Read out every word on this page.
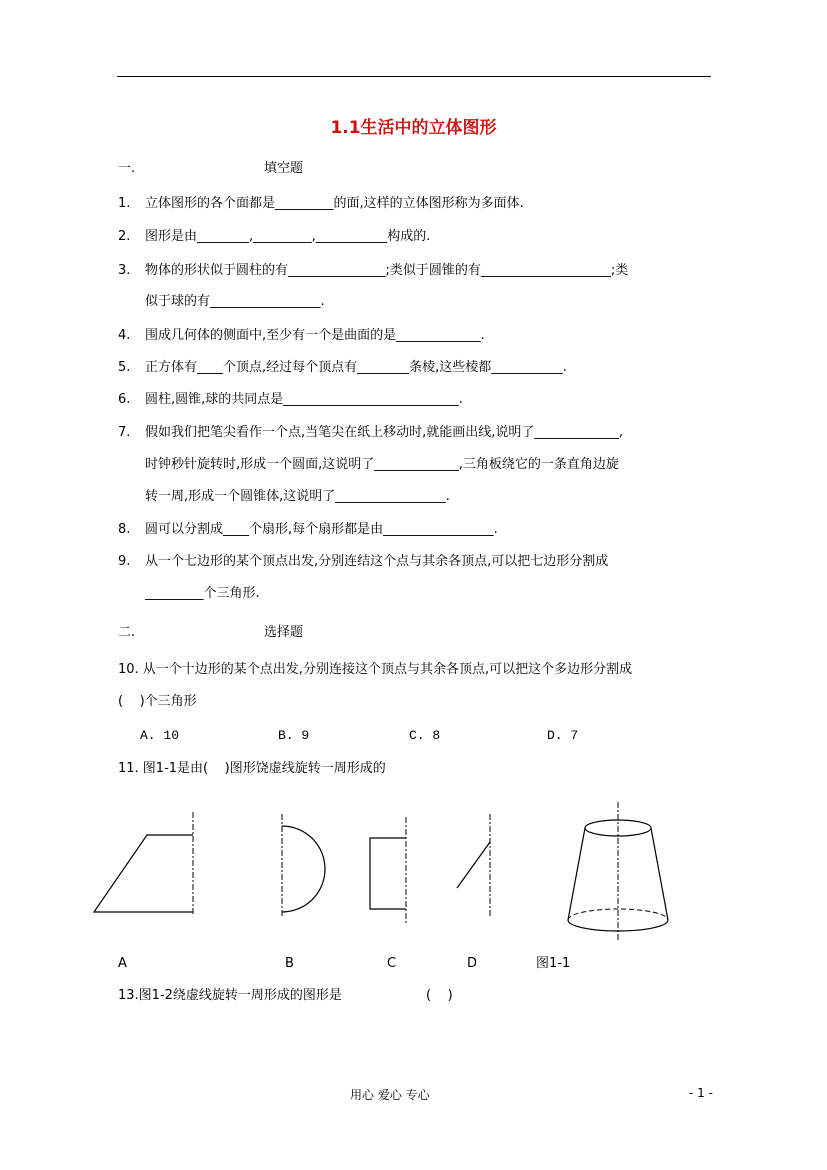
1.1生活中的立体图形
一.	填空题
1. 立体图形的各个面都是_________的面,这样的立体图形称为多面体.
2. 图形是由________,_________,___________构成的.
3. 物体的形状似于圆柱的有_______________;类似于圆锥的有____________________;类
似于球的有_________________.
4. 围成几何体的侧面中,至少有一个是曲面的是_____________.
5. 正方体有____个顶点,经过每个顶点有________条棱,这些棱都___________.
6. 圆柱,圆锥,球的共同点是___________________________.
7. 假如我们把笔尖看作一个点,当笔尖在纸上移动时,就能画出线,说明了_____________,
时钟秒针旋转时,形成一个圆面,这说明了_____________,三角板绕它的一条直角边旋
转一周,形成一个圆锥体,这说明了_________________.
8. 圆可以分割成____个扇形,每个扇形都是由_________________.
9. 从一个七边形的某个顶点出发,分别连结这个点与其余各顶点,可以把七边形分割成
_________个三角形.
二.	选择题
10. 从一个十边形的某个点出发,分别连接这个顶点与其余各顶点,可以把这个多边形分割成
(    )个三角形
A. 10	B. 9	C. 8	D. 7
11. 图1-1是由(    )图形饶虚线旋转一周形成的
A	B	C	D	图1-1
13.图1-2绕虚线旋转一周形成的图形是	(    )
用心 爱心 专心	- 1 -
